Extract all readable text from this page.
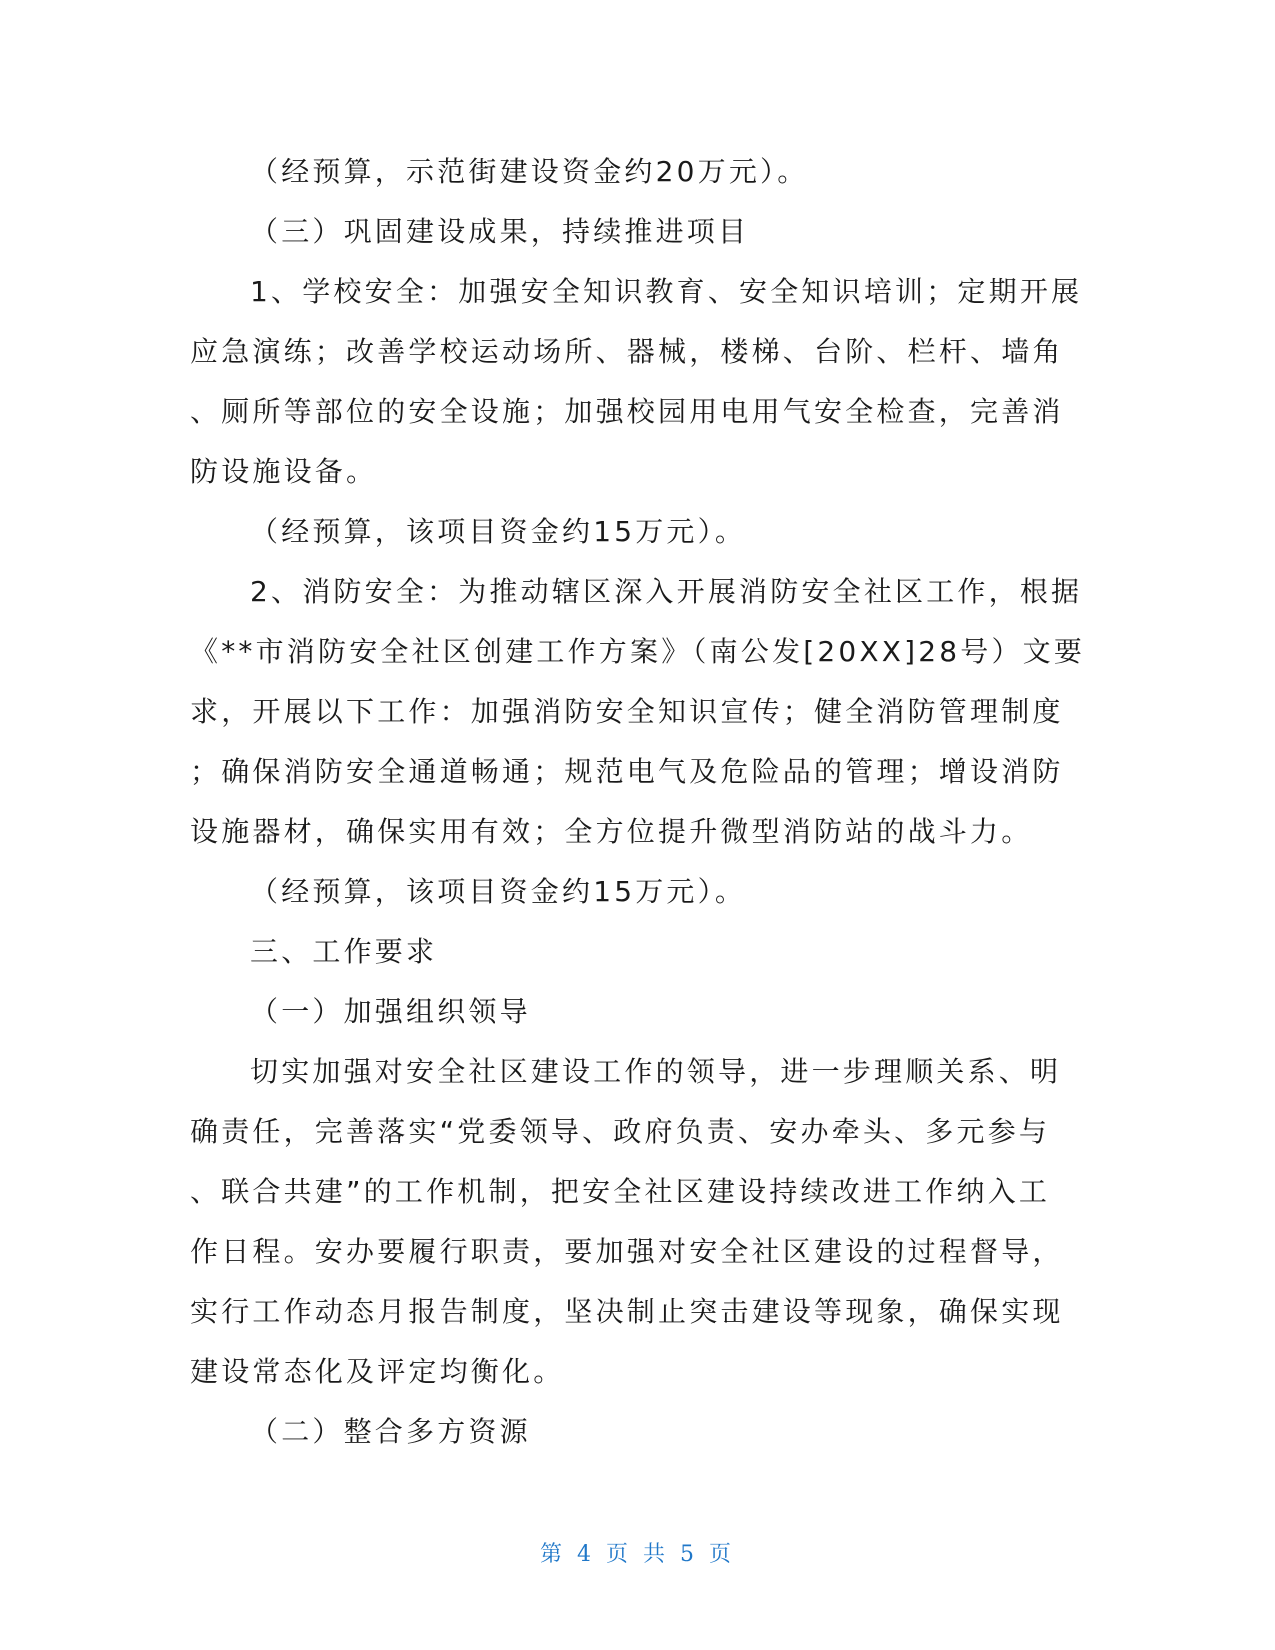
（经预算，示范街建设资金约20万元）。

（三）巩固建设成果，持续推进项目

1、学校安全：加强安全知识教育、安全知识培训；定期开展
应急演练；改善学校运动场所、器械，楼梯、台阶、栏杆、墙角
、厕所等部位的安全设施；加强校园用电用气安全检查，完善消
防设施设备。

（经预算，该项目资金约15万元）。

2、消防安全：为推动辖区深入开展消防安全社区工作，根据
《**市消防安全社区创建工作方案》（南公发[20XX]28号）文要
求，开展以下工作：加强消防安全知识宣传；健全消防管理制度
；确保消防安全通道畅通；规范电气及危险品的管理；增设消防
设施器材，确保实用有效；全方位提升微型消防站的战斗力。

（经预算，该项目资金约15万元）。

三、工作要求

（一）加强组织领导

切实加强对安全社区建设工作的领导，进一步理顺关系、明
确责任，完善落实“党委领导、政府负责、安办牵头、多元参与
、联合共建”的工作机制，把安全社区建设持续改进工作纳入工
作日程。安办要履行职责，要加强对安全社区建设的过程督导，
实行工作动态月报告制度，坚决制止突击建设等现象，确保实现
建设常态化及评定均衡化。

（二）整合多方资源

第 4 页 共 5 页
